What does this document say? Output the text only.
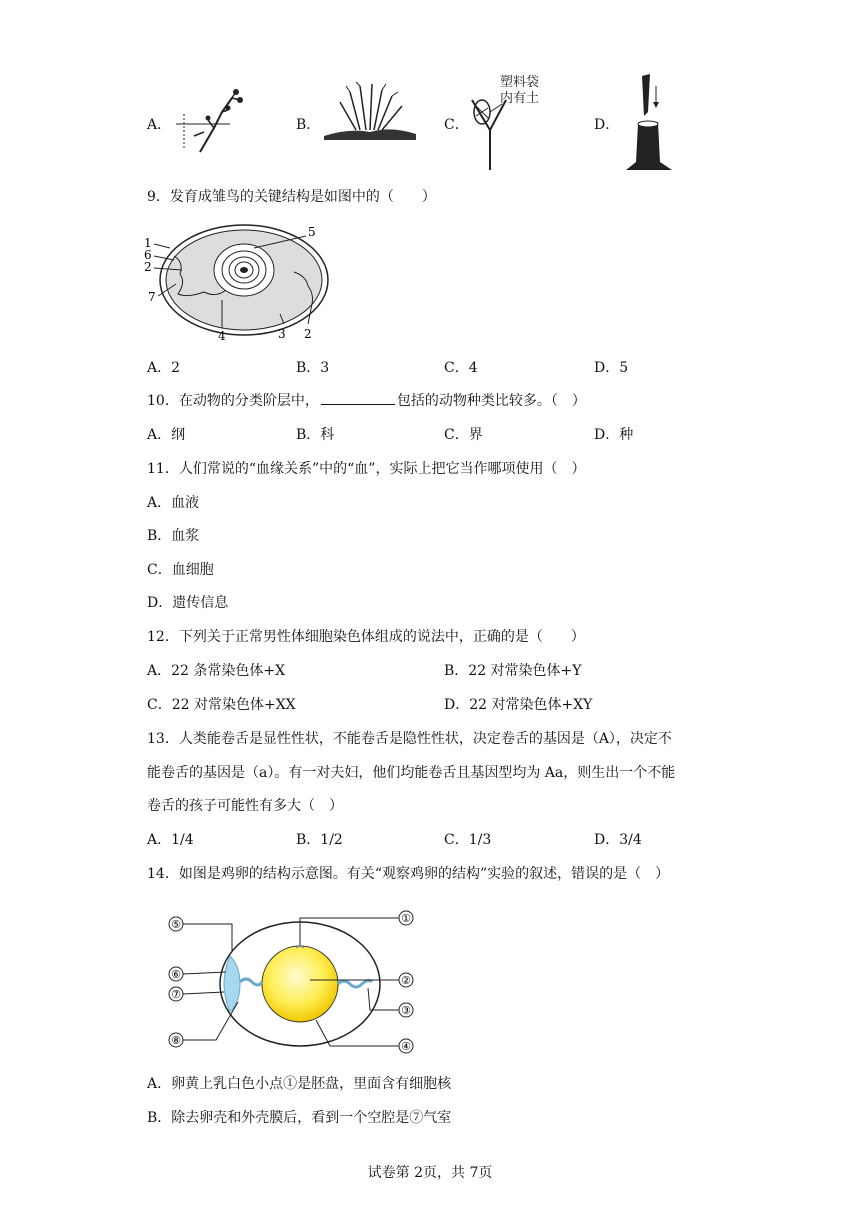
A．	B．	C．
塑料袋
内有土
D．
9．发育成雏鸟的关键结构是如图中的（　　）
1
6
2
7
5
4	3 2
A．2	B．3	C．4	D．5
10．在动物的分类阶层中，	包括的动物种类比较多。（　）
A．纲	B．科	C．界	D．种
11．人们常说的“血缘关系”中的“血”，实际上把它当作哪项使用（　）
A．血液
B．血浆
C．血细胞
D．遗传信息
12．下列关于正常男性体细胞染色体组成的说法中，正确的是（　　）
A．22 条常染色体+X	B．22 对常染色体+Y
C．22 对常染色体+XX	D．22 对常染色体+XY
13．人类能卷舌是显性性状，不能卷舌是隐性性状，决定卷舌的基因是（A），决定不
能卷舌的基因是（a）。有一对夫妇，他们均能卷舌且基因型均为 Aa，则生出一个不能
卷舌的孩子可能性有多大（　）
A．1/4	B．1/2	C．1/3	D．3/4
14．如图是鸡卵的结构示意图。有关“观察鸡卵的结构”实验的叙述，错误的是（　）
⑤
⑥
⑦
⑧
①
②
③
④
A．卵黄上乳白色小点①是胚盘，里面含有细胞核
B．除去卵壳和外壳膜后，看到一个空腔是⑦气室
试卷第 2页，共 7页
